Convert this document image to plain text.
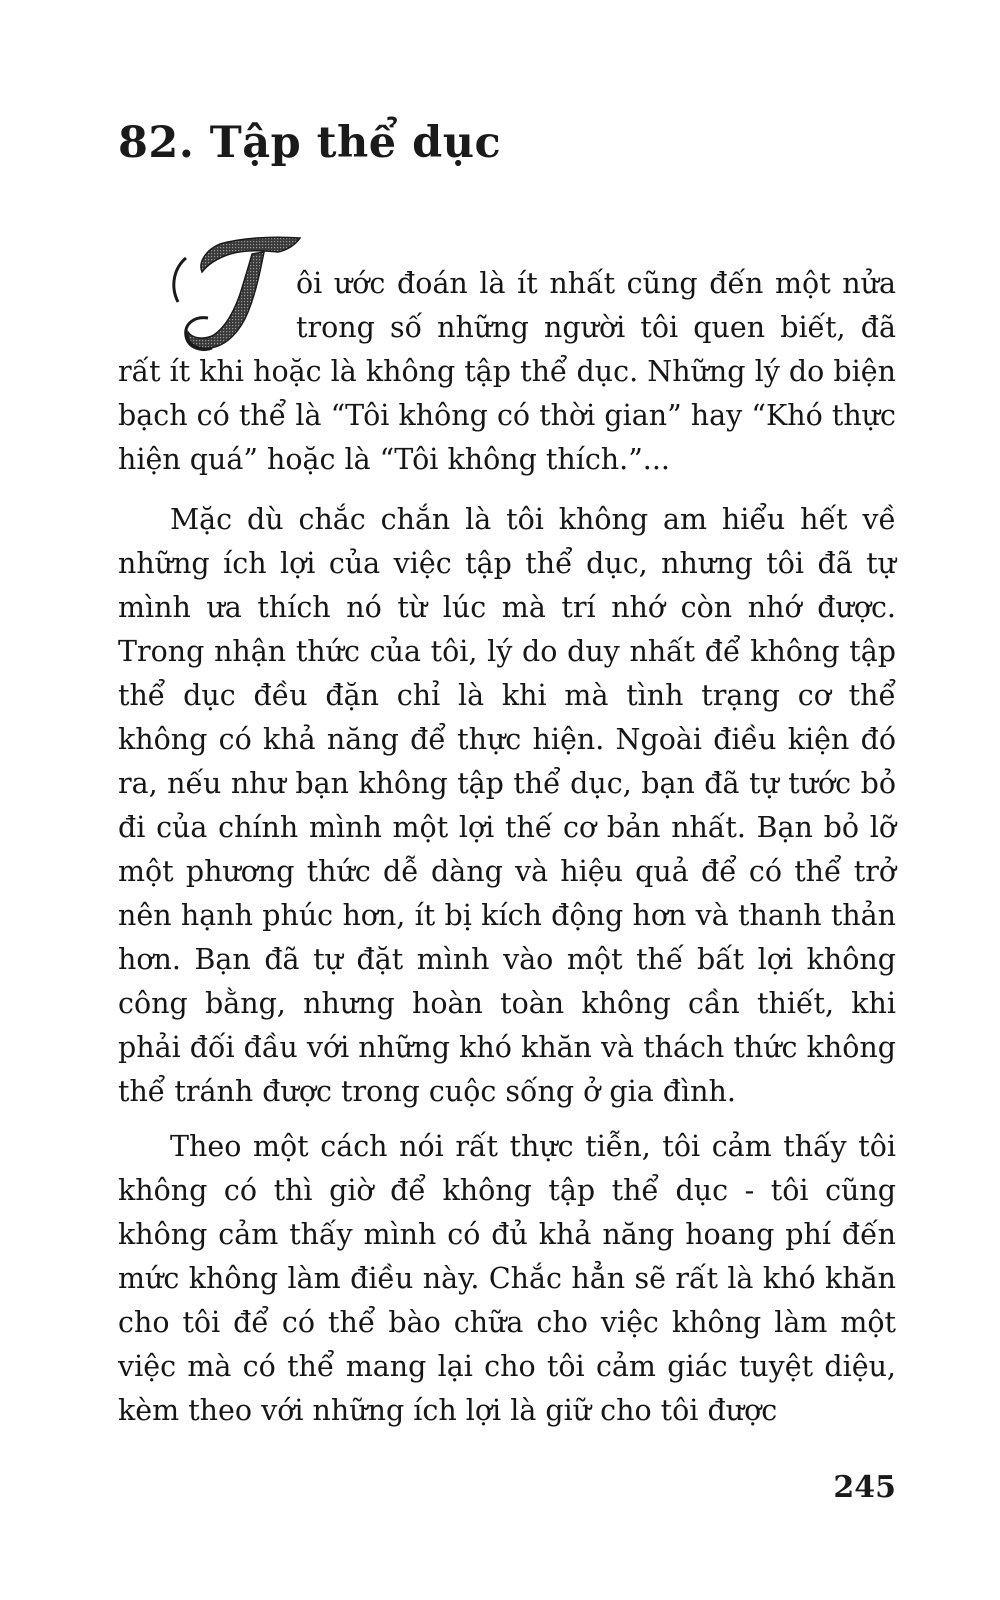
82. Tập thể dục

ôi ước đoán là ít nhất cũng đến một nửa

trong số những người tôi quen biết, đã

rất ít khi hoặc là không tập thể dục. Những lý do biện bạch có thể là “Tôi không có thời gian” hay “Khó thực hiện quá” hoặc là “Tôi không thích.”...

Mặc dù chắc chắn là tôi không am hiểu hết về những ích lợi của việc tập thể dục, nhưng tôi đã tự mình ưa thích nó từ lúc mà trí nhớ còn nhớ được. Trong nhận thức của tôi, lý do duy nhất để không tập thể dục đều đặn chỉ là khi mà tình trạng cơ thể không có khả năng để thực hiện. Ngoài điều kiện đó ra, nếu như bạn không tập thể dục, bạn đã tự tước bỏ đi của chính mình một lợi thế cơ bản nhất. Bạn bỏ lỡ một phương thức dễ dàng và hiệu quả để có thể trở nên hạnh phúc hơn, ít bị kích động hơn và thanh thản hơn. Bạn đã tự đặt mình vào một thế bất lợi không công bằng, nhưng hoàn toàn không cần thiết, khi phải đối đầu với những khó khăn và thách thức không thể tránh được trong cuộc sống ở gia đình.

Theo một cách nói rất thực tiễn, tôi cảm thấy tôi không có thì giờ để không tập thể dục - tôi cũng không cảm thấy mình có đủ khả năng hoang phí đến mức không làm điều này. Chắc hẳn sẽ rất là khó khăn cho tôi để có thể bào chữa cho việc không làm một việc mà có thể mang lại cho tôi cảm giác tuyệt diệu, kèm theo với những ích lợi là giữ cho tôi được

245
